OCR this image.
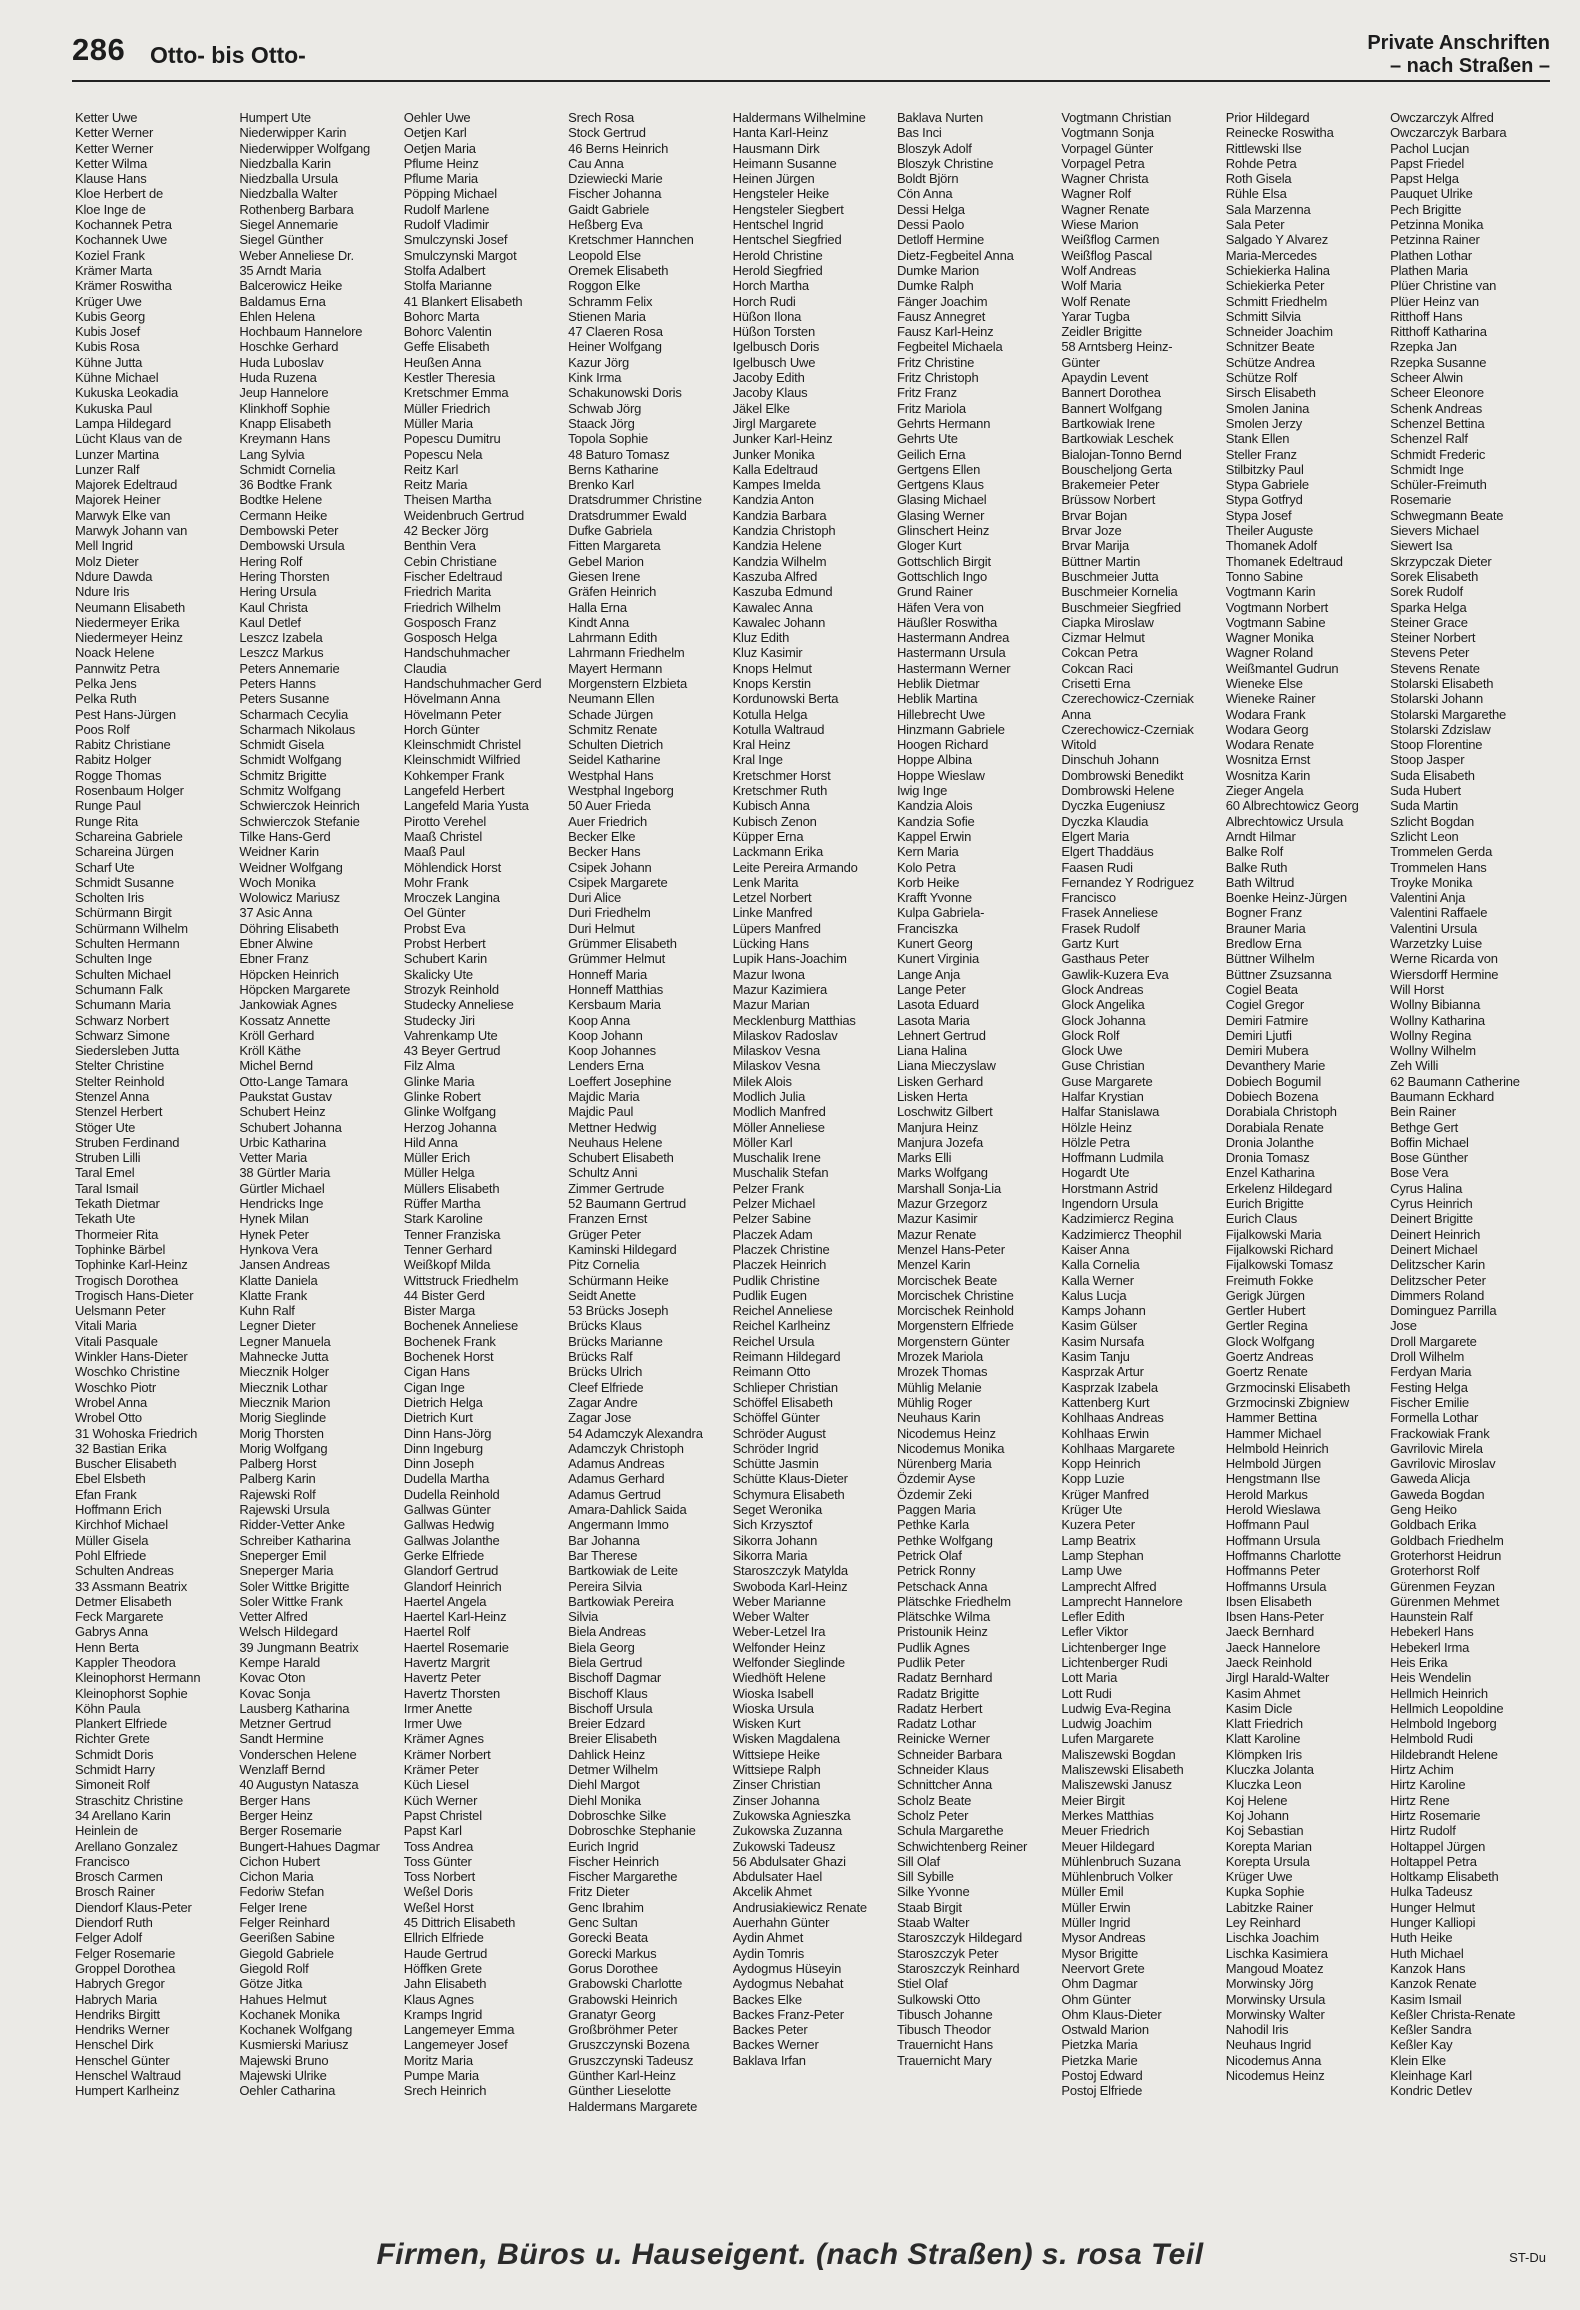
286 Otto- bis Otto-	Private Anschriften
– nach Straßen –
Ketter Uwe
Ketter Werner
Ketter Werner
Ketter Wilma
Klause Hans
Kloe Herbert de
Kloe Inge de
Kochannek Petra
Kochannek Uwe
Koziel Frank
Krämer Marta
Krämer Roswitha
Krüger Uwe
Kubis Georg
Kubis Josef
Kubis Rosa
Kühne Jutta
Kühne Michael
Kukuska Leokadia
Kukuska Paul
Lampa Hildegard
Lücht Klaus van de
Lunzer Martina
Lunzer Ralf
Majorek Edeltraud
Majorek Heiner
Marwyk Elke van
Marwyk Johann van
Mell Ingrid
Molz Dieter
Ndure Dawda
Ndure Iris
Neumann Elisabeth
Niedermeyer Erika
Niedermeyer Heinz
Noack Helene
Pannwitz Petra
Pelka Jens
Pelka Ruth
Pest Hans-Jürgen
Poos Rolf
Rabitz Christiane
Rabitz Holger
Rogge Thomas
Rosenbaum Holger
Runge Paul
Runge Rita
Schareina Gabriele
Schareina Jürgen
Scharf Ute
Schmidt Susanne
Scholten Iris
Schürmann Birgit
Schürmann Wilhelm
Schulten Hermann
Schulten Inge
Schulten Michael
Schumann Falk
Schumann Maria
Schwarz Norbert
Schwarz Simone
Siedersleben Jutta
Stelter Christine
Stelter Reinhold
Stenzel Anna
Stenzel Herbert
Stöger Ute
Struben Ferdinand
Struben Lilli
Taral Emel
Taral Ismail
Tekath Dietmar
Tekath Ute
Thormeier Rita
Tophinke Bärbel
Tophinke Karl-Heinz
Trogisch Dorothea
Trogisch Hans-Dieter
Uelsmann Peter
Vitali Maria
Vitali Pasquale
Winkler Hans-Dieter
Woschko Christine
Woschko Piotr
Wrobel Anna
Wrobel Otto
31 Wohoska Friedrich
32 Bastian Erika
Buscher Elisabeth
Ebel Elsbeth
Efan Frank
Hoffmann Erich
Kirchhof Michael
Müller Gisela
Pohl Elfriede
Schulten Andreas
33 Assmann Beatrix
Detmer Elisabeth
Feck Margarete
Gabrys Anna
Henn Berta
Kappler Theodora
Kleinophorst Hermann
Kleinophorst Sophie
Köhn Paula
Plankert Elfriede
Richter Grete
Schmidt Doris
Schmidt Harry
Simoneit Rolf
Straschitz Christine
34 Arellano Karin
Heinlein de
Arellano Gonzalez
Francisco
Brosch Carmen
Brosch Rainer
Diendorf Klaus-Peter
Diendorf Ruth
Felger Adolf
Felger Rosemarie
Groppel Dorothea
Habrych Gregor
Habrych Maria
Hendriks Birgitt
Hendriks Werner
Henschel Dirk
Henschel Günter
Henschel Waltraud
Humpert Karlheinz
Humpert Ute
Niederwipper Karin
Niederwipper Wolfgang
Niedzballa Karin
Niedzballa Ursula
Niedzballa Walter
Rothenberg Barbara
Siegel Annemarie
Siegel Günther
Weber Anneliese Dr.
35 Arndt Maria
Balcerowicz Heike
Baldamus Erna
Ehlen Helena
Hochbaum Hannelore
Hoschke Gerhard
Huda Luboslav
Huda Ruzena
Jeup Hannelore
Klinkhoff Sophie
Knapp Elisabeth
Kreymann Hans
Lang Sylvia
Schmidt Cornelia
36 Bodtke Frank
Bodtke Helene
Cermann Heike
Dembowski Peter
Dembowski Ursula
Hering Rolf
Hering Thorsten
Hering Ursula
Kaul Christa
Kaul Detlef
Leszcz Izabela
Leszcz Markus
Peters Annemarie
Peters Hanns
Peters Susanne
Scharmach Cecylia
Scharmach Nikolaus
Schmidt Gisela
Schmidt Wolfgang
Schmitz Brigitte
Schmitz Wolfgang
Schwierczok Heinrich
Schwierczok Stefanie
Tilke Hans-Gerd
Weidner Karin
Weidner Wolfgang
Woch Monika
Wolowicz Mariusz
37 Asic Anna
Döhring Elisabeth
Ebner Alwine
Ebner Franz
Höpcken Heinrich
Höpcken Margarete
Jankowiak Agnes
Kossatz Annette
Kröll Gerhard
Kröll Käthe
Michel Bernd
Otto-Lange Tamara
Paukstat Gustav
Schubert Heinz
Schubert Johanna
Urbic Katharina
Vetter Maria
38 Gürtler Maria
Gürtler Michael
Hendricks Inge
Hynek Milan
Hynek Peter
Hynkova Vera
Jansen Andreas
Klatte Daniela
Klatte Frank
Kuhn Ralf
Legner Dieter
Legner Manuela
Mahnecke Jutta
Miecznik Holger
Miecznik Lothar
Miecznik Marion
Morig Sieglinde
Morig Thorsten
Morig Wolfgang
Palberg Horst
Palberg Karin
Rajewski Rolf
Rajewski Ursula
Ridder-Vetter Anke
Schreiber Katharina
Sneperger Emil
Sneperger Maria
Soler Wittke Brigitte
Soler Wittke Frank
Vetter Alfred
Welsch Hildegard
39 Jungmann Beatrix
Kempe Harald
Kovac Oton
Kovac Sonja
Lausberg Katharina
Metzner Gertrud
Sandt Hermine
Vonderschen Helene
Wenzlaff Bernd
40 Augustyn Natasza
Berger Hans
Berger Heinz
Berger Rosemarie
Bungert-Hahues Dagmar
Cichon Hubert
Cichon Maria
Fedoriw Stefan
Felger Irene
Felger Reinhard
Geerißen Sabine
Giegold Gabriele
Giegold Rolf
Götze Jitka
Hahues Helmut
Kochanek Monika
Kochanek Wolfgang
Kusmierski Mariusz
Majewski Bruno
Majewski Ulrike
Oehler Catharina
Oehler Uwe
Oetjen Karl
Oetjen Maria
Pflume Heinz
Pflume Maria
Pöpping Michael
Rudolf Marlene
Rudolf Vladimir
Smulczynski Josef
Smulczynski Margot
Stolfa Adalbert
Stolfa Marianne
41 Blankert Elisabeth
Bohorc Marta
Bohorc Valentin
Geffe Elisabeth
Heußen Anna
Kestler Theresia
Kretschmer Emma
Müller Friedrich
Müller Maria
Popescu Dumitru
Popescu Nela
Reitz Karl
Reitz Maria
Theisen Martha
Weidenbruch Gertrud
42 Becker Jörg
Benthin Vera
Cebin Christiane
Fischer Edeltraud
Friedrich Marita
Friedrich Wilhelm
Gosposch Franz
Gosposch Helga
Handschuhmacher
Claudia
Handschuhmacher Gerd
Hövelmann Anna
Hövelmann Peter
Horch Günter
Kleinschmidt Christel
Kleinschmidt Wilfried
Kohkemper Frank
Langefeld Herbert
Langefeld Maria Yusta
Pirotto Verehel
Maaß Christel
Maaß Paul
Möhlendick Horst
Mohr Frank
Mroczek Langina
Oel Günter
Probst Eva
Probst Herbert
Schubert Karin
Skalicky Ute
Strozyk Reinhold
Studecky Anneliese
Studecky Jiri
Vahrenkamp Ute
43 Beyer Gertrud
Filz Alma
Glinke Maria
Glinke Robert
Glinke Wolfgang
Herzog Johanna
Hild Anna
Müller Erich
Müller Helga
Müllers Elisabeth
Rüffer Martha
Stark Karoline
Tenner Franziska
Tenner Gerhard
Weißkopf Milda
Wittstruck Friedhelm
44 Bister Gerd
Bister Marga
Bochenek Anneliese
Bochenek Frank
Bochenek Horst
Cigan Hans
Cigan Inge
Dietrich Helga
Dietrich Kurt
Dinn Hans-Jörg
Dinn Ingeburg
Dinn Joseph
Dudella Martha
Dudella Reinhold
Gallwas Günter
Gallwas Hedwig
Gallwas Jolanthe
Gerke Elfriede
Glandorf Gertrud
Glandorf Heinrich
Haertel Angela
Haertel Karl-Heinz
Haertel Rolf
Haertel Rosemarie
Havertz Margrit
Havertz Peter
Havertz Thorsten
Irmer Anette
Irmer Uwe
Krämer Agnes
Krämer Norbert
Krämer Peter
Küch Liesel
Küch Werner
Papst Christel
Papst Karl
Toss Andrea
Toss Günter
Toss Norbert
Weßel Doris
Weßel Horst
45 Dittrich Elisabeth
Ellrich Elfriede
Haude Gertrud
Höffken Grete
Jahn Elisabeth
Klaus Agnes
Kramps Ingrid
Langemeyer Emma
Langemeyer Josef
Moritz Maria
Pumpe Maria
Srech Heinrich
Srech Rosa
Stock Gertrud
46 Berns Heinrich
Cau Anna
Dziewiecki Marie
Fischer Johanna
Gaidt Gabriele
Heßberg Eva
Kretschmer Hannchen
Leopold Else
Oremek Elisabeth
Roggon Elke
Schramm Felix
Stienen Maria
47 Claeren Rosa
Heiner Wolfgang
Kazur Jörg
Kink Irma
Schakunowski Doris
Schwab Jörg
Staack Jörg
Topola Sophie
48 Baturo Tomasz
Berns Katharine
Brenko Karl
Dratsdrummer Christine
Dratsdrummer Ewald
Dufke Gabriela
Fitten Margareta
Gebel Marion
Giesen Irene
Gräfen Heinrich
Halla Erna
Kindt Anna
Lahrmann Edith
Lahrmann Friedhelm
Mayert Hermann
Morgenstern Elzbieta
Neumann Ellen
Schade Jürgen
Schmitz Renate
Schulten Dietrich
Seidel Katharine
Westphal Hans
Westphal Ingeborg
50 Auer Frieda
Auer Friedrich
Becker Elke
Becker Hans
Csipek Johann
Csipek Margarete
Duri Alice
Duri Friedhelm
Duri Helmut
Grümmer Elisabeth
Grümmer Helmut
Honneff Maria
Honneff Matthias
Kersbaum Maria
Koop Anna
Koop Johann
Koop Johannes
Lenders Erna
Loeffert Josephine
Majdic Maria
Majdic Paul
Mettner Hedwig
Neuhaus Helene
Schubert Elisabeth
Schultz Anni
Zimmer Gertrude
52 Baumann Gertrud
Franzen Ernst
Grüger Peter
Kaminski Hildegard
Pitz Cornelia
Schürmann Heike
Seidt Anette
53 Brücks Joseph
Brücks Klaus
Brücks Marianne
Brücks Ralf
Brücks Ulrich
Cleef Elfriede
Zagar Andre
Zagar Jose
54 Adamczyk Alexandra
Adamczyk Christoph
Adamus Andreas
Adamus Gerhard
Adamus Gertrud
Amara-Dahlick Saida
Angermann Immo
Bar Johanna
Bar Therese
Bartkowiak de Leite
Pereira Silvia
Bartkowiak Pereira
Silvia
Biela Andreas
Biela Georg
Biela Gertrud
Bischoff Dagmar
Bischoff Klaus
Bischoff Ursula
Breier Edzard
Breier Elisabeth
Dahlick Heinz
Detmer Wilhelm
Diehl Margot
Diehl Monika
Dobroschke Silke
Dobroschke Stephanie
Eurich Ingrid
Fischer Heinrich
Fischer Margarethe
Fritz Dieter
Genc Ibrahim
Genc Sultan
Gorecki Beata
Gorecki Markus
Gorus Dorothee
Grabowski Charlotte
Grabowski Heinrich
Granatyr Georg
Großbröhmer Peter
Gruszczynski Bozena
Gruszczynski Tadeusz
Günther Karl-Heinz
Günther Lieselotte
Haldermans Margarete
Haldermans Wilhelmine
Hanta Karl-Heinz
Hausmann Dirk
Heimann Susanne
Heinen Jürgen
Hengsteler Heike
Hengsteler Siegbert
Hentschel Ingrid
Hentschel Siegfried
Herold Christine
Herold Siegfried
Horch Martha
Horch Rudi
Hüßon Ilona
Hüßon Torsten
Igelbusch Doris
Igelbusch Uwe
Jacoby Edith
Jacoby Klaus
Jäkel Elke
Jirgl Margarete
Junker Karl-Heinz
Junker Monika
Kalla Edeltraud
Kampes Imelda
Kandzia Anton
Kandzia Barbara
Kandzia Christoph
Kandzia Helene
Kandzia Wilhelm
Kaszuba Alfred
Kaszuba Edmund
Kawalec Anna
Kawalec Johann
Kluz Edith
Kluz Kasimir
Knops Helmut
Knops Kerstin
Kordunowski Berta
Kotulla Helga
Kotulla Waltraud
Kral Heinz
Kral Inge
Kretschmer Horst
Kretschmer Ruth
Kubisch Anna
Kubisch Zenon
Küpper Erna
Lackmann Erika
Leite Pereira Armando
Lenk Marita
Letzel Norbert
Linke Manfred
Lüpers Manfred
Lücking Hans
Lupik Hans-Joachim
Mazur Iwona
Mazur Kazimiera
Mazur Marian
Mecklenburg Matthias
Milaskov Radoslav
Milaskov Vesna
Milaskov Vesna
Milek Alois
Modlich Julia
Modlich Manfred
Möller Anneliese
Möller Karl
Muschalik Irene
Muschalik Stefan
Pelzer Frank
Pelzer Michael
Pelzer Sabine
Placzek Adam
Placzek Christine
Placzek Heinrich
Pudlik Christine
Pudlik Eugen
Reichel Anneliese
Reichel Karlheinz
Reichel Ursula
Reimann Hildegard
Reimann Otto
Schlieper Christian
Schöffel Elisabeth
Schöffel Günter
Schröder August
Schröder Ingrid
Schütte Jasmin
Schütte Klaus-Dieter
Schymura Elisabeth
Seget Weronika
Sich Krzysztof
Sikorra Johann
Sikorra Maria
Staroszczyk Matylda
Swoboda Karl-Heinz
Weber Marianne
Weber Walter
Weber-Letzel Ira
Welfonder Heinz
Welfonder Sieglinde
Wiedhöft Helene
Wioska Isabell
Wioska Ursula
Wisken Kurt
Wisken Magdalena
Wittsiepe Heike
Wittsiepe Ralph
Zinser Christian
Zinser Johanna
Zukowska Agnieszka
Zukowska Zuzanna
Zukowski Tadeusz
56 Abdulsater Ghazi
Abdulsater Hael
Akcelik Ahmet
Andrusiakiewicz Renate
Auerhahn Günter
Aydin Ahmet
Aydin Tomris
Aydogmus Hüseyin
Aydogmus Nebahat
Backes Elke
Backes Franz-Peter
Backes Peter
Backes Werner
Baklava Irfan
Baklava Nurten
Bas Inci
Bloszyk Adolf
Bloszyk Christine
Boldt Björn
Cön Anna
Dessi Helga
Dessi Paolo
Detloff Hermine
Dietz-Fegbeitel Anna
Dumke Marion
Dumke Ralph
Fänger Joachim
Fausz Annegret
Fausz Karl-Heinz
Fegbeitel Michaela
Fritz Christine
Fritz Christoph
Fritz Franz
Fritz Mariola
Gehrts Hermann
Gehrts Ute
Geilich Erna
Gertgens Ellen
Gertgens Klaus
Glasing Michael
Glasing Werner
Glinschert Heinz
Gloger Kurt
Gottschlich Birgit
Gottschlich Ingo
Grund Rainer
Häfen Vera von
Häußler Roswitha
Hastermann Andrea
Hastermann Ursula
Hastermann Werner
Heblik Dietmar
Heblik Martina
Hillebrecht Uwe
Hinzmann Gabriele
Hoogen Richard
Hoppe Albina
Hoppe Wieslaw
Iwig Inge
Kandzia Alois
Kandzia Sofie
Kappel Erwin
Kern Maria
Kolo Petra
Korb Heike
Krafft Yvonne
Kulpa Gabriela-
Franciszka
Kunert Georg
Kunert Virginia
Lange Anja
Lange Peter
Lasota Eduard
Lasota Maria
Lehnert Gertrud
Liana Halina
Liana Mieczyslaw
Lisken Gerhard
Lisken Herta
Loschwitz Gilbert
Manjura Heinz
Manjura Jozefa
Marks Elli
Marks Wolfgang
Marshall Sonja-Lia
Mazur Grzegorz
Mazur Kasimir
Mazur Renate
Menzel Hans-Peter
Menzel Karin
Morcischek Beate
Morcischek Christine
Morcischek Reinhold
Morgenstern Elfriede
Morgenstern Günter
Mrozek Mariola
Mrozek Thomas
Mühlig Melanie
Mühlig Roger
Neuhaus Karin
Nicodemus Heinz
Nicodemus Monika
Nürenberg Maria
Özdemir Ayse
Özdemir Zeki
Paggen Maria
Pethke Karla
Pethke Wolfgang
Petrick Olaf
Petrick Ronny
Petschack Anna
Plätschke Friedhelm
Plätschke Wilma
Pristounik Heinz
Pudlik Agnes
Pudlik Peter
Radatz Bernhard
Radatz Brigitte
Radatz Herbert
Radatz Lothar
Reinicke Werner
Schneider Barbara
Schneider Klaus
Schnittcher Anna
Scholz Beate
Scholz Peter
Schula Margarethe
Schwichtenberg Reiner
Sill Olaf
Sill Sybille
Silke Yvonne
Staab Birgit
Staab Walter
Staroszczyk Hildegard
Staroszczyk Peter
Staroszczyk Reinhard
Stiel Olaf
Sulkowski Otto
Tibusch Johanne
Tibusch Theodor
Trauernicht Hans
Trauernicht Mary
Vogtmann Christian
Vogtmann Sonja
Vorpagel Günter
Vorpagel Petra
Wagner Christa
Wagner Rolf
Wagner Renate
Wiese Marion
Weißflog Carmen
Weißflog Pascal
Wolf Andreas
Wolf Maria
Wolf Renate
Yarar Tugba
Zeidler Brigitte
58 Arntsberg Heinz-
Günter
Apaydin Levent
Bannert Dorothea
Bannert Wolfgang
Bartkowiak Irene
Bartkowiak Leschek
Bialojan-Tonno Bernd
Bouscheljong Gerta
Brakemeier Peter
Brüssow Norbert
Brvar Bojan
Brvar Joze
Brvar Marija
Büttner Martin
Buschmeier Jutta
Buschmeier Kornelia
Buschmeier Siegfried
Ciapka Miroslaw
Cizmar Helmut
Cokcan Petra
Cokcan Raci
Crisetti Erna
Czerechowicz-Czerniak
Anna
Czerechowicz-Czerniak
Witold
Dinschuh Johann
Dombrowski Benedikt
Dombrowski Helene
Dyczka Eugeniusz
Dyczka Klaudia
Elgert Maria
Elgert Thaddäus
Faasen Rudi
Fernandez Y Rodriguez
Francisco
Frasek Anneliese
Frasek Rudolf
Gartz Kurt
Gasthaus Peter
Gawlik-Kuzera Eva
Glock Andreas
Glock Angelika
Glock Johanna
Glock Rolf
Glock Uwe
Guse Christian
Guse Margarete
Halfar Krystian
Halfar Stanislawa
Hölzle Heinz
Hölzle Petra
Hoffmann Ludmila
Hogardt Ute
Horstmann Astrid
Ingendorn Ursula
Kadzimiercz Regina
Kadzimiercz Theophil
Kaiser Anna
Kalla Cornelia
Kalla Werner
Kalus Lucja
Kamps Johann
Kasim Gülser
Kasim Nursafa
Kasim Tanju
Kasprzak Artur
Kasprzak Izabela
Kattenberg Kurt
Kohlhaas Andreas
Kohlhaas Erwin
Kohlhaas Margarete
Kopp Heinrich
Kopp Luzie
Krüger Manfred
Krüger Ute
Kuzera Peter
Lamp Beatrix
Lamp Stephan
Lamp Uwe
Lamprecht Alfred
Lamprecht Hannelore
Lefler Edith
Lefler Viktor
Lichtenberger Inge
Lichtenberger Rudi
Lott Maria
Lott Rudi
Ludwig Eva-Regina
Ludwig Joachim
Lufen Margarete
Maliszewski Bogdan
Maliszewski Elisabeth
Maliszewski Janusz
Meier Birgit
Merkes Matthias
Meuer Friedrich
Meuer Hildegard
Mühlenbruch Suzana
Mühlenbruch Volker
Müller Emil
Müller Erwin
Müller Ingrid
Mysor Andreas
Mysor Brigitte
Neervort Grete
Ohm Dagmar
Ohm Günter
Ohm Klaus-Dieter
Ostwald Marion
Pietzka Maria
Pietzka Marie
Postoj Edward
Postoj Elfriede
Prior Hildegard
Reinecke Roswitha
Rittlewski Ilse
Rohde Petra
Roth Gisela
Rühle Elsa
Sala Marzenna
Sala Peter
Salgado Y Alvarez
Maria-Mercedes
Schiekierka Halina
Schiekierka Peter
Schmitt Friedhelm
Schmitt Silvia
Schneider Joachim
Schnitzer Beate
Schütze Andrea
Schütze Rolf
Sirsch Elisabeth
Smolen Janina
Smolen Jerzy
Stank Ellen
Steller Franz
Stilbitzky Paul
Stypa Gabriele
Stypa Gotfryd
Stypa Josef
Theiler Auguste
Thomanek Adolf
Thomanek Edeltraud
Tonno Sabine
Vogtmann Karin
Vogtmann Norbert
Vogtmann Sabine
Wagner Monika
Wagner Roland
Weißmantel Gudrun
Wieneke Else
Wieneke Rainer
Wodara Frank
Wodara Georg
Wodara Renate
Wosnitza Ernst
Wosnitza Karin
Zieger Angela
60 Albrechtowicz Georg
Albrechtowicz Ursula
Arndt Hilmar
Balke Rolf
Balke Ruth
Bath Wiltrud
Boenke Heinz-Jürgen
Bogner Franz
Brauner Maria
Bredlow Erna
Büttner Wilhelm
Büttner Zsuzsanna
Cogiel Beata
Cogiel Gregor
Demiri Fatmire
Demiri Ljutfi
Demiri Mubera
Devanthery Marie
Dobiech Bogumil
Dobiech Bozena
Dorabiala Christoph
Dorabiala Renate
Dronia Jolanthe
Dronia Tomasz
Enzel Katharina
Erkelenz Hildegard
Eurich Brigitte
Eurich Claus
Fijalkowski Maria
Fijalkowski Richard
Fijalkowski Tomasz
Freimuth Fokke
Gerigk Jürgen
Gertler Hubert
Gertler Regina
Glock Wolfgang
Goertz Andreas
Goertz Renate
Grzmocinski Elisabeth
Grzmocinski Zbigniew
Hammer Bettina
Hammer Michael
Helmbold Heinrich
Helmbold Jürgen
Hengstmann Ilse
Herold Markus
Herold Wieslawa
Hoffmann Paul
Hoffmann Ursula
Hoffmanns Charlotte
Hoffmanns Peter
Hoffmanns Ursula
Ibsen Elisabeth
Ibsen Hans-Peter
Jaeck Bernhard
Jaeck Hannelore
Jaeck Reinhold
Jirgl Harald-Walter
Kasim Ahmet
Kasim Dicle
Klatt Friedrich
Klatt Karoline
Klömpken Iris
Kluczka Jolanta
Kluczka Leon
Koj Helene
Koj Johann
Koj Sebastian
Korepta Marian
Korepta Ursula
Krüger Uwe
Kupka Sophie
Labitzke Rainer
Ley Reinhard
Lischka Joachim
Lischka Kasimiera
Mangoud Moatez
Morwinsky Jörg
Morwinsky Ursula
Morwinsky Walter
Nahodil Iris
Neuhaus Ingrid
Nicodemus Anna
Nicodemus Heinz
Owczarczyk Alfred
Owczarczyk Barbara
Pachol Lucjan
Papst Friedel
Papst Helga
Pauquet Ulrike
Pech Brigitte
Petzinna Monika
Petzinna Rainer
Plathen Lothar
Plathen Maria
Plüer Christine van
Plüer Heinz van
Ritthoff Hans
Ritthoff Katharina
Rzepka Jan
Rzepka Susanne
Scheer Alwin
Scheer Eleonore
Schenk Andreas
Schenzel Bettina
Schenzel Ralf
Schmidt Frederic
Schmidt Inge
Schüler-Freimuth
Rosemarie
Schwegmann Beate
Sievers Michael
Siewert Isa
Skrzypczak Dieter
Sorek Elisabeth
Sorek Rudolf
Sparka Helga
Steiner Grace
Steiner Norbert
Stevens Peter
Stevens Renate
Stolarski Elisabeth
Stolarski Johann
Stolarski Margarethe
Stolarski Zdzislaw
Stoop Florentine
Stoop Jasper
Suda Elisabeth
Suda Hubert
Suda Martin
Szlicht Bogdan
Szlicht Leon
Trommelen Gerda
Trommelen Hans
Troyke Monika
Valentini Anja
Valentini Raffaele
Valentini Ursula
Warzetzky Luise
Werne Ricarda von
Wiersdorff Hermine
Will Horst
Wollny Bibianna
Wollny Katharina
Wollny Regina
Wollny Wilhelm
Zeh Willi
62 Baumann Catherine
Baumann Eckhard
Bein Rainer
Bethge Gert
Boffin Michael
Bose Günther
Bose Vera
Cyrus Halina
Cyrus Heinrich
Deinert Brigitte
Deinert Heinrich
Deinert Michael
Delitzscher Karin
Delitzscher Peter
Dimmers Roland
Dominguez Parrilla
Jose
Droll Margarete
Droll Wilhelm
Ferdyan Maria
Festing Helga
Fischer Emilie
Formella Lothar
Frackowiak Frank
Gavrilovic Mirela
Gavrilovic Miroslav
Gaweda Alicja
Gaweda Bogdan
Geng Heiko
Goldbach Erika
Goldbach Friedhelm
Groterhorst Heidrun
Groterhorst Rolf
Gürenmen Feyzan
Gürenmen Mehmet
Haunstein Ralf
Hebekerl Hans
Hebekerl Irma
Heis Erika
Heis Wendelin
Hellmich Heinrich
Hellmich Leopoldine
Helmbold Ingeborg
Helmbold Rudi
Hildebrandt Helene
Hirtz Achim
Hirtz Karoline
Hirtz Rene
Hirtz Rosemarie
Hirtz Rudolf
Holtappel Jürgen
Holtappel Petra
Holtkamp Elisabeth
Hulka Tadeusz
Hunger Helmut
Hunger Kalliopi
Huth Heike
Huth Michael
Kanzok Hans
Kanzok Renate
Kasim Ismail
Keßler Christa-Renate
Keßler Sandra
Keßler Kay
Klein Elke
Kleinhage Karl
Kondric Detlev
Firmen, Büros u. Hauseigent. (nach Straßen) s. rosa Teil	ST-Du
